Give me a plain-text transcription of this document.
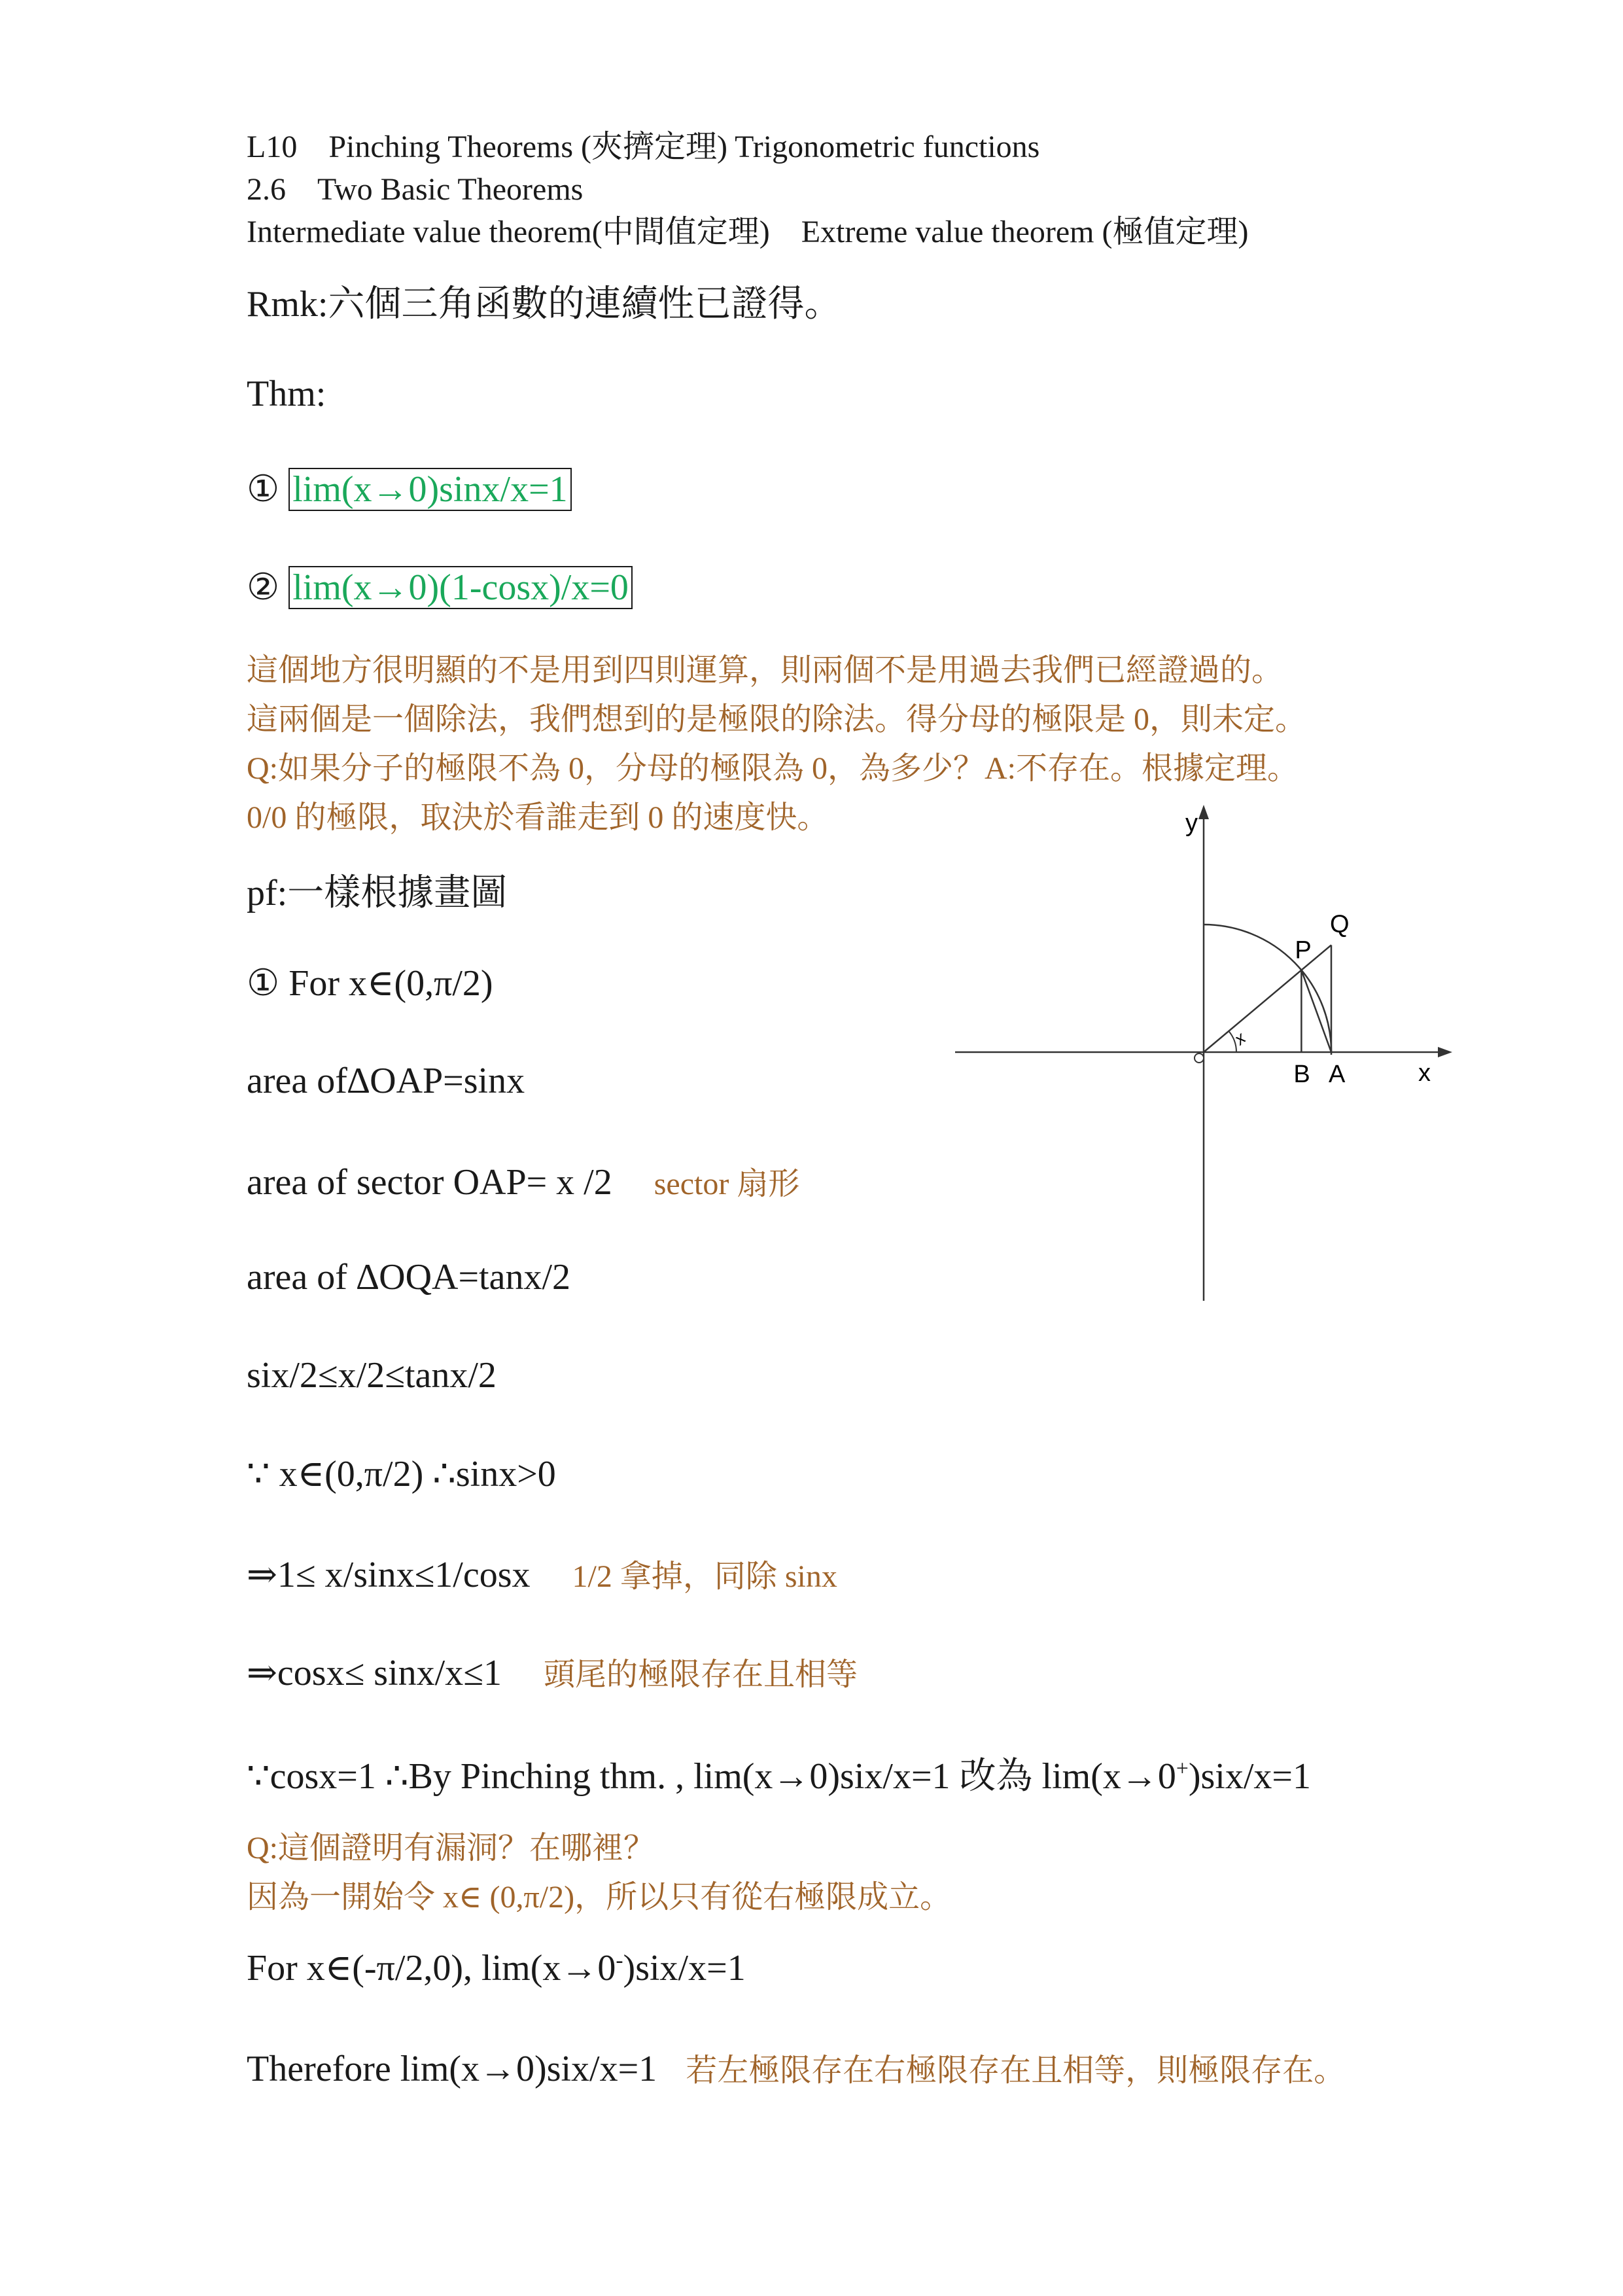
L10　Pinching Theorems (夾擠定理) Trigonometric functions
2.6　Two Basic Theorems
Intermediate value theorem(中間值定理)　Extreme value theorem (極值定理)
Rmk:六個三角函數的連續性已證得。
Thm:
① lim(x→0)sinx/x=1
② lim(x→0)(1-cosx)/x=0
這個地方很明顯的不是用到四則運算，則兩個不是用過去我們已經證過的。
這兩個是一個除法，我們想到的是極限的除法。得分母的極限是 0，則未定。
Q:如果分子的極限不為 0，分母的極限為 0，為多少？A:不存在。根據定理。
0/0 的極限，取決於看誰走到 0 的速度快。
pf:一樣根據畫圖
① For x∈(0,π/2)
area of∆OAP=sinx
area of sector OAP= x /2 sector 扇形
area of ∆OQA=tanx/2
six/2≤x/2≤tanx/2
∵ x∈(0,π/2) ∴sinx>0
⇒1≤ x/sinx≤1/cosx 1/2 拿掉，同除 sinx
⇒cosx≤ sinx/x≤1 頭尾的極限存在且相等
∵cosx=1 ∴By Pinching thm. , lim(x→0)six/x=1 改為 lim(x→0+)six/x=1
Q:這個證明有漏洞？在哪裡？
因為一開始令 x∈ (0,π/2)，所以只有從右極限成立。
For x∈(-π/2,0), lim(x→0-)six/x=1
Therefore lim(x→0)six/x=1 若左極限存在右極限存在且相等，則極限存在。
y
x
Q
P
B A
x
